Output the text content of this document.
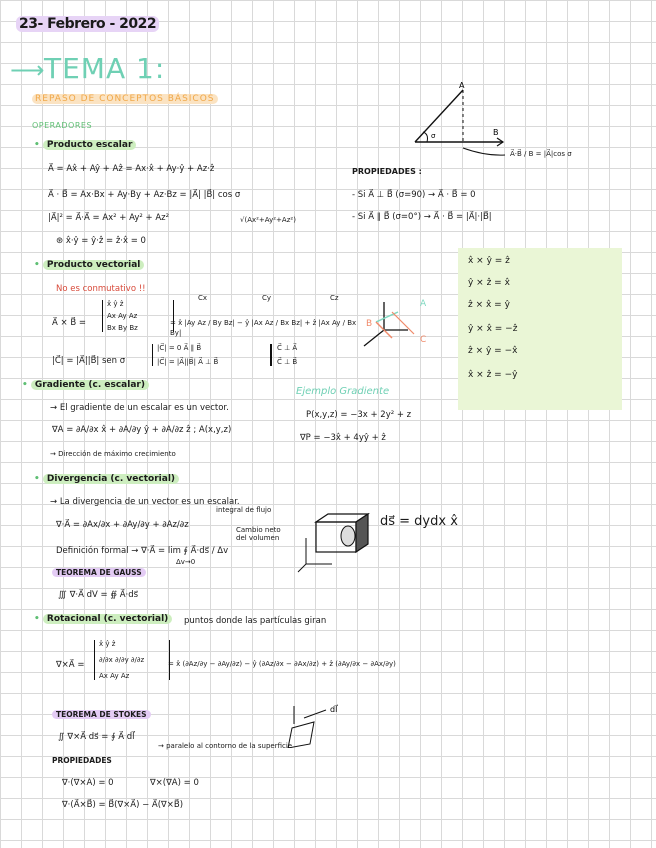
23- Febrero - 2022
⟶ TEMA 1:
REPASO DE CONCEPTOS BÁSICOS
OPERADORES
• Producto escalar
A⃗ = Ax̂ + Aŷ + Aẑ = Ax·x̂ + Ay·ŷ + Az·ẑ
A⃗ · B⃗ = Ax·Bx + Ay·By + Az·Bz = |A⃗| |B⃗| cos σ
|A⃗|² = A⃗·A⃗ = Ax² + Ay² + Az²	√(Ax²+Ay²+Az²)
⊛ x̂·ŷ = ŷ·ẑ = ẑ·x̂ = 0
PROPIEDADES :
- Si A⃗ ⊥ B⃗ (σ=90) → A⃗ · B⃗ = 0
- Si A⃗ ∥ B⃗ (σ=0°) → A⃗ · B⃗ = |A⃗|·|B⃗|
A
B
σ
A⃗·B⃗ / B = |A⃗|cos σ
• Producto vectorial
No es conmutativo !!
A⃗ × B⃗ =
x̂ ŷ ẑ
Ax Ay Az
Bx By Bz
Cx	Cy	Cz
= x̂ |Ay Az / By Bz| − ŷ |Ax Az / Bx Bz| + ẑ |Ax Ay / Bx By|
|C⃗| = |A⃗||B⃗| sen σ
|C⃗| = 0 A⃗ ∥ B⃗
|C⃗| = |A⃗||B⃗| A⃗ ⊥ B⃗
C⃗ ⊥ A⃗
C⃗ ⊥ B⃗
A
B
C
x̂ × ŷ = ẑ
ŷ × ẑ = x̂
ẑ × x̂ = ŷ
ŷ × x̂ = −ẑ
ẑ × ŷ = −x̂
x̂ × ẑ = −ŷ
• Gradiente (c. escalar)
→ El gradiente de un escalar es un vector.
∇A = ∂A/∂x x̂ + ∂A/∂y ŷ + ∂A/∂z ẑ ; A(x,y,z)
→ Dirección de máximo crecimiento
Ejemplo Gradiente
P(x,y,z) = −3x + 2y² + z
∇P = −3x̂ + 4yŷ + ẑ
• Divergencia (c. vectorial)
→ La divergencia de un vector es un escalar.
∇·A⃗ = ∂Ax/∂x + ∂Ay/∂y + ∂Az/∂z
integral de flujo
Cambio neto del volumen
Definición formal → ∇·A⃗ = lim ∮ A⃗·ds⃗ / Δv
Δv→0
ds⃗ = dydx x̂
TEOREMA DE GAUSS
∭ ∇·A⃗ dV = ∯ A⃗·ds⃗
• Rotacional (c. vectorial)	puntos donde las partículas giran
∇×A⃗ =
x̂ ŷ ẑ
∂/∂x ∂/∂y ∂/∂z
Ax Ay Az
= x̂ (∂Az/∂y − ∂Ay/∂z) − ŷ (∂Az/∂x − ∂Ax/∂z) + ẑ (∂Ay/∂x − ∂Ax/∂y)
TEOREMA DE STOKES
∬ ∇×A⃗ ds⃗ = ∮ A⃗ dl⃗
→ paralelo al contorno de la superficie
dl⃗
PROPIEDADES
∇·(∇×A) = 0	∇×(∇A) = 0
∇·(A⃗×B⃗) = B⃗(∇×A⃗) − A⃗(∇×B⃗)
